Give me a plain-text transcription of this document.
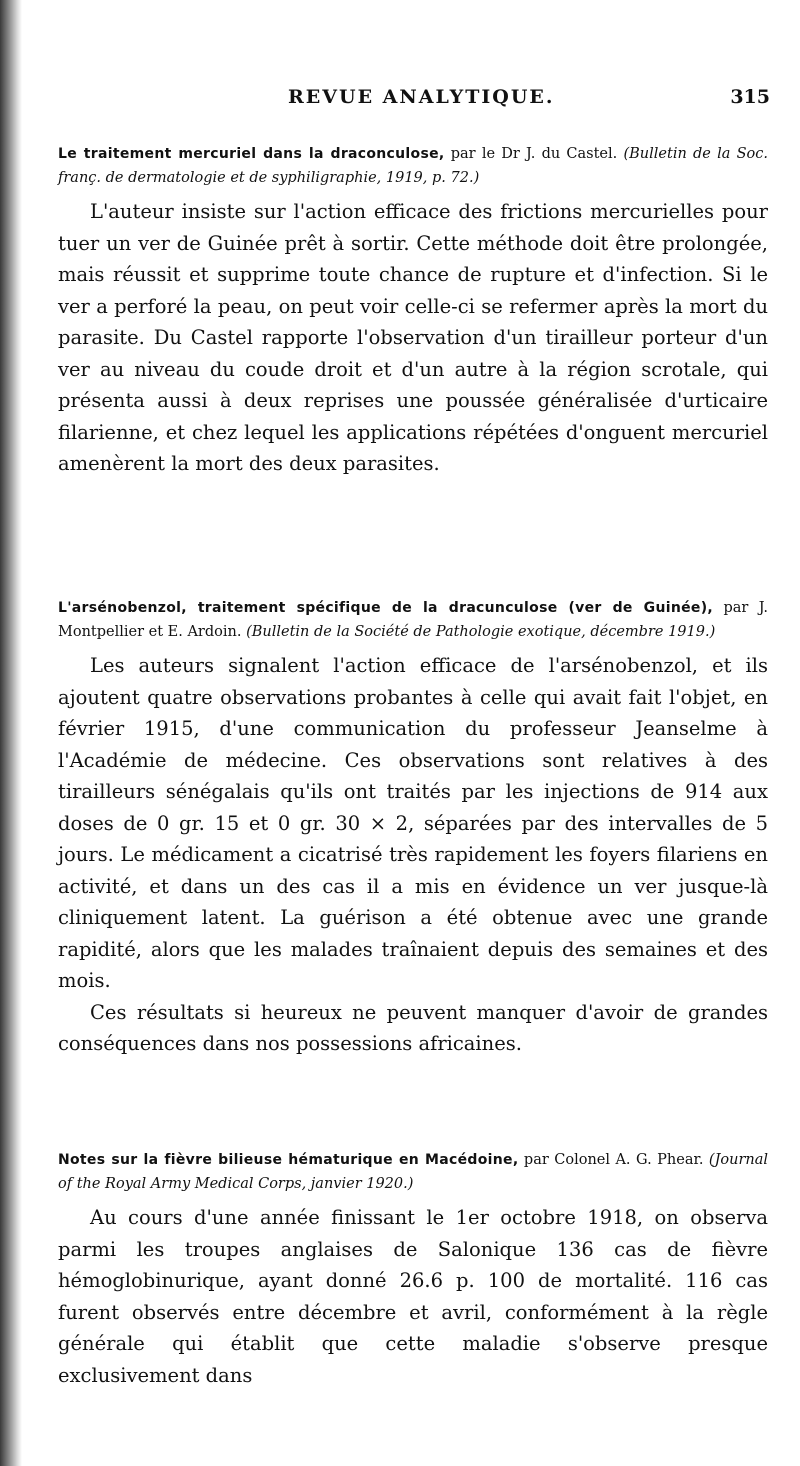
REVUE ANALYTIQUE.	315

Le traitement mercuriel dans la draconculose, par le Dr J. du Castel. (Bulletin de la Soc. franç. de dermatologie et de syphiligraphie, 1919, p. 72.)

L'auteur insiste sur l'action efficace des frictions mercurielles pour tuer un ver de Guinée prêt à sortir. Cette méthode doit être prolongée, mais réussit et supprime toute chance de rupture et d'infection. Si le ver a perforé la peau, on peut voir celle-ci se refermer après la mort du parasite. Du Castel rapporte l'observation d'un tirailleur porteur d'un ver au niveau du coude droit et d'un autre à la région scrotale, qui présenta aussi à deux reprises une poussée généralisée d'urticaire filarienne, et chez lequel les applications répétées d'onguent mercuriel amenèrent la mort des deux parasites.

L'arsénobenzol, traitement spécifique de la dracunculose (ver de Guinée), par J. Montpellier et E. Ardoin. (Bulletin de la Société de Pathologie exotique, décembre 1919.)

Les auteurs signalent l'action efficace de l'arsénobenzol, et ils ajoutent quatre observations probantes à celle qui avait fait l'objet, en février 1915, d'une communication du professeur Jeanselme à l'Académie de médecine. Ces observations sont relatives à des tirailleurs sénégalais qu'ils ont traités par les injections de 914 aux doses de 0 gr. 15 et 0 gr. 30 × 2, séparées par des intervalles de 5 jours. Le médicament a cicatrisé très rapidement les foyers filariens en activité, et dans un des cas il a mis en évidence un ver jusque-là cliniquement latent. La guérison a été obtenue avec une grande rapidité, alors que les malades traînaient depuis des semaines et des mois.

Ces résultats si heureux ne peuvent manquer d'avoir de grandes conséquences dans nos possessions africaines.

Notes sur la fièvre bilieuse hématurique en Macédoine, par Colonel A. G. Phear. (Journal of the Royal Army Medical Corps, janvier 1920.)

Au cours d'une année finissant le 1er octobre 1918, on observa parmi les troupes anglaises de Salonique 136 cas de fièvre hémoglobinurique, ayant donné 26.6 p. 100 de mortalité. 116 cas furent observés entre décembre et avril, conformément à la règle générale qui établit que cette maladie s'observe presque exclusivement dans
